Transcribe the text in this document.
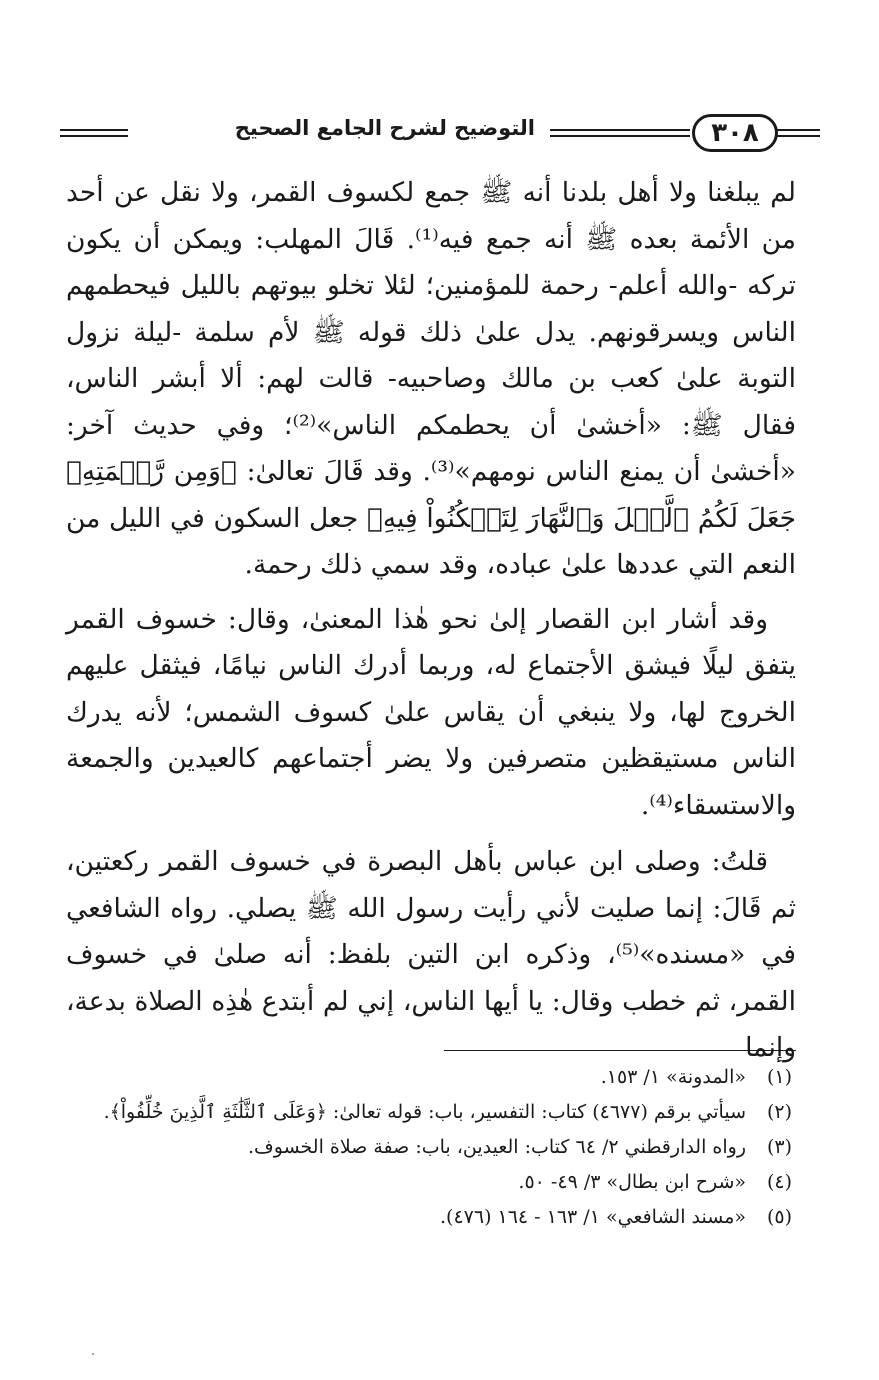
٣٠٨
التوضيح لشرح الجامع الصحيح

لم يبلغنا ولا أهل بلدنا أنه ﷺ جمع لكسوف القمر، ولا نقل عن أحد من الأئمة بعده ﷺ أنه جمع فيه⁽¹⁾. قَالَ المهلب: ويمكن أن يكون تركه -والله أعلم- رحمة للمؤمنين؛ لئلا تخلو بيوتهم بالليل فيحطمهم الناس ويسرقونهم. يدل علىٰ ذلك قوله ﷺ لأم سلمة -ليلة نزول التوبة علىٰ كعب بن مالك وصاحبيه- قالت لهم: ألا أبشر الناس، فقال ﷺ: «أخشىٰ أن يحطمكم الناس»⁽²⁾؛ وفي حديث آخر: «أخشىٰ أن يمنع الناس نومهم»⁽³⁾. وقد قَالَ تعالىٰ: ﴿وَمِن رَّحۡمَتِهِۦ جَعَلَ لَكُمُ ٱلَّيۡلَ وَٱلنَّهَارَ لِتَسۡكُنُواْ فِيهِ﴾ جعل السكون في الليل من النعم التي عددها علىٰ عباده، وقد سمي ذلك رحمة.

وقد أشار ابن القصار إلىٰ نحو هٰذا المعنىٰ، وقال: خسوف القمر يتفق ليلًا فيشق الأجتماع له، وربما أدرك الناس نيامًا، فيثقل عليهم الخروج لها، ولا ينبغي أن يقاس علىٰ كسوف الشمس؛ لأنه يدرك الناس مستيقظين متصرفين ولا يضر أجتماعهم كالعيدين والجمعة والاستسقاء⁽⁴⁾.

قلتُ: وصلى ابن عباس بأهل البصرة في خسوف القمر ركعتين، ثم قَالَ: إنما صليت لأني رأيت رسول الله ﷺ يصلي. رواه الشافعي في «مسنده»⁽⁵⁾، وذكره ابن التين بلفظ: أنه صلىٰ في خسوف القمر، ثم خطب وقال: يا أيها الناس، إني لم أبتدع هٰذِه الصلاة بدعة، وإنما

(١)
«المدونة» ١/ ١٥٣.
(٢)
سيأتي برقم (٤٦٧٧) كتاب: التفسير، باب: قوله تعالىٰ: ﴿وَعَلَى ٱلثَّلَٰثَةِ ٱلَّذِينَ خُلِّفُواْ﴾.
(٣)
رواه الدارقطني ٢/ ٦٤ كتاب: العيدين، باب: صفة صلاة الخسوف.
(٤)
«شرح ابن بطال» ٣/ ٤٩- ٥٠.
(٥)
«مسند الشافعي» ١/ ١٦٣ - ١٦٤ (٤٧٦).
